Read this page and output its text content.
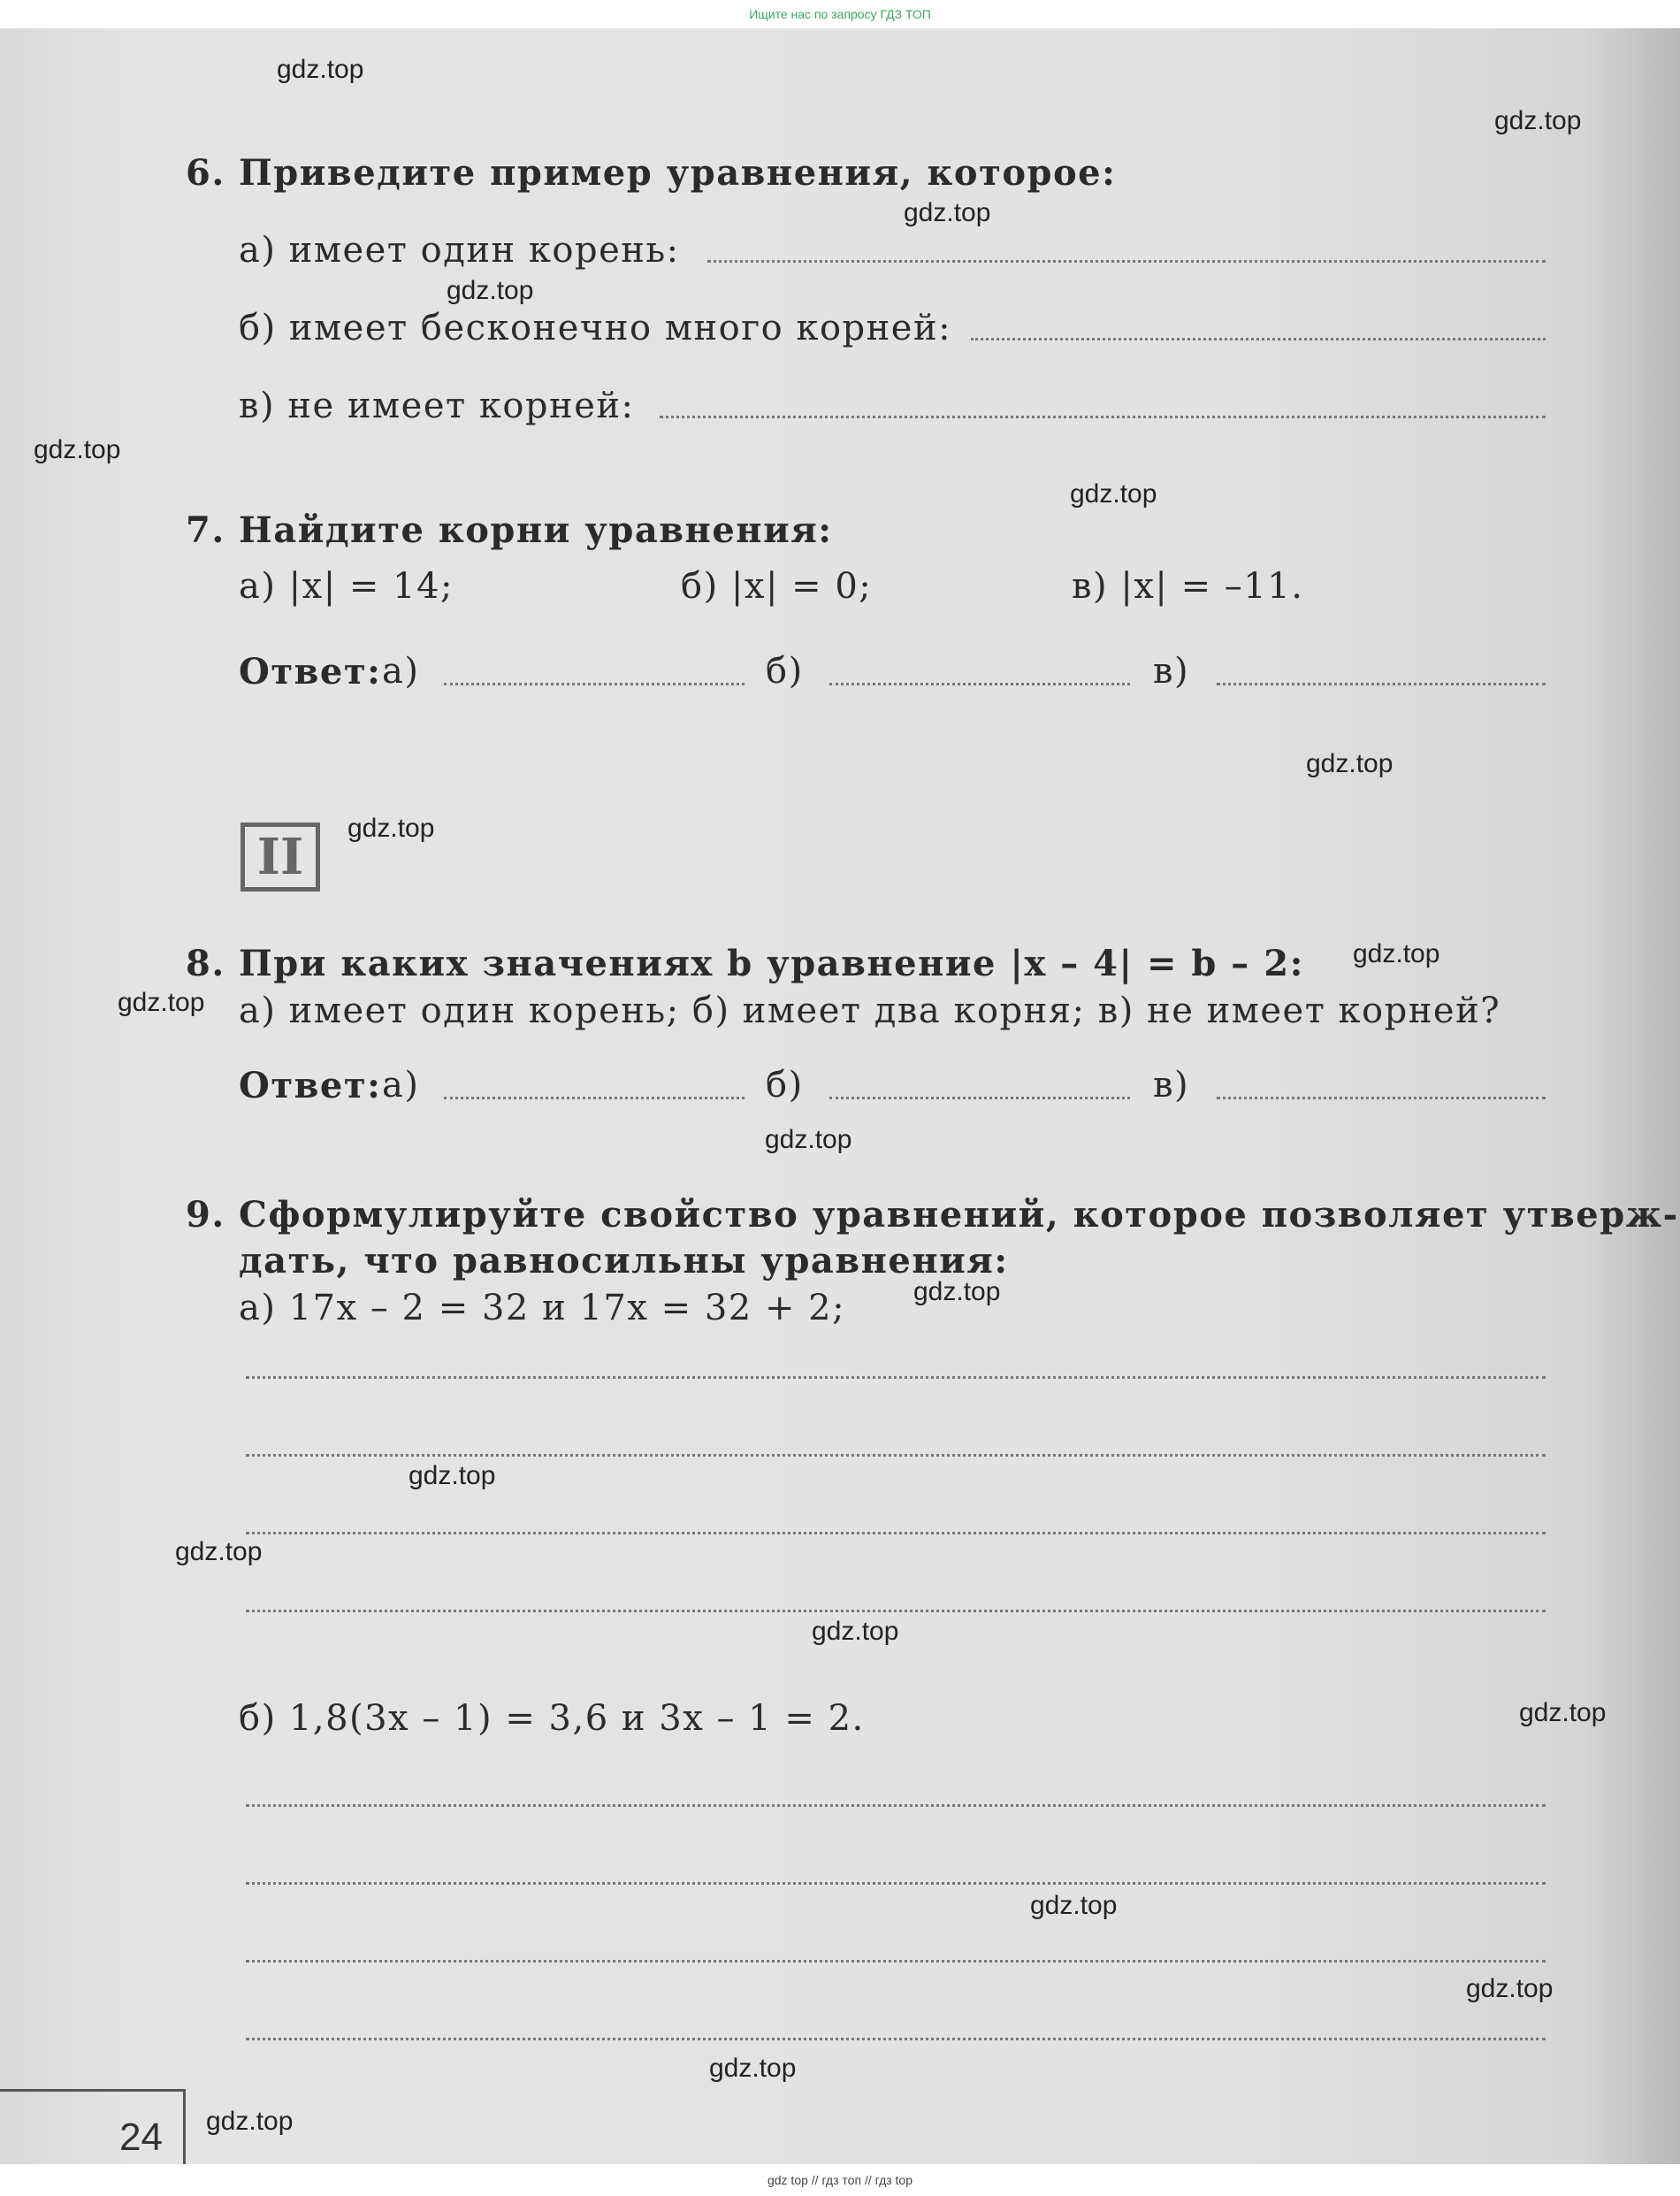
Ищите нас по запросу ГДЗ ТОП
gdz.top
gdz.top
gdz.top
gdz.top
gdz.top
gdz.top
gdz.top
gdz.top
gdz.top
gdz.top
gdz.top
gdz.top
gdz.top
gdz.top
gdz.top
gdz.top
gdz.top
gdz.top
gdz.top
gdz.top
6. Приведите пример уравнения, которое:
а) имеет один корень:
б) имеет бесконечно много корней:
в) не имеет корней:
7. Найдите корни уравнения:
а) |x| = 14;	б) |x| = 0;	в) |x| = –11.
Ответ: а)	б)	в)
II
8. При каких значениях b уравнение |x – 4| = b – 2:
а) имеет один корень; б) имеет два корня; в) не имеет корней?
Ответ: а)	б)	в)
9. Сформулируйте свойство уравнений, которое позволяет утверж-
дать, что равносильны уравнения:
а) 17x – 2 = 32 и 17x = 32 + 2;
б) 1,8(3x – 1) = 3,6 и 3x – 1 = 2.
24
gdz top // гдз топ // гдз top
